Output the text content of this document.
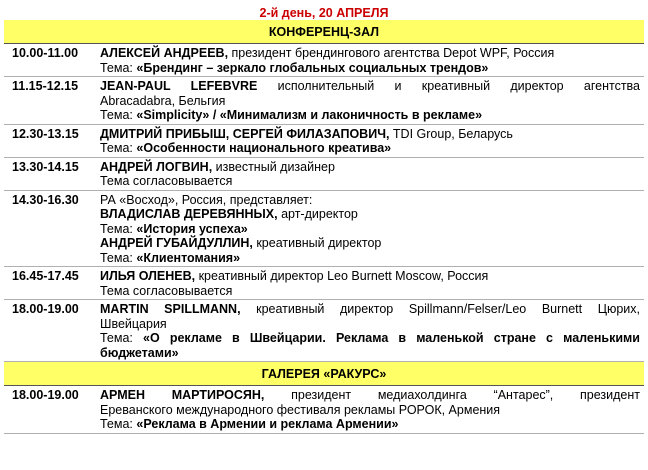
2-й день, 20 АПРЕЛЯ
КОНФЕРЕНЦ-ЗАЛ
10.00-11.00	АЛЕКСЕЙ АНДРЕЕВ, президент брендингового агентства Depot WPF, Россия
Тема: «Брендинг – зеркало глобальных социальных трендов»
11.15-12.15	JEAN-PAUL LEFEBVRE исполнительный и креативный директор агентства
Abracadabra, Бельгия
Тема: «Simplicity» / «Минимализм и лаконичность в рекламе»
12.30-13.15	ДМИТРИЙ ПРИБЫШ, СЕРГЕЙ ФИЛАЗАПОВИЧ, TDI Group, Беларусь
Тема: «Особенности национального креатива»
13.30-14.15	АНДРЕЙ ЛОГВИН, известный дизайнер
Тема согласовывается
14.30-16.30	РА «Восход», Россия, представляет:
ВЛАДИСЛАВ ДЕРЕВЯННЫХ, арт-директор
Тема: «История успеха»
АНДРЕЙ ГУБАЙДУЛЛИН, креативный директор
Тема: «Клиентомания»
16.45-17.45	ИЛЬЯ ОЛЕНЕВ, креативный директор Leo Burnett Moscow, Россия
Тема согласовывается
18.00-19.00	MARTIN SPILLMANN, креативный директор Spillmann/Felser/Leo Burnett Цюрих,
Швейцария
Тема: «О рекламе в Швейцарии. Реклама в маленькой стране с маленькими
бюджетами»
ГАЛЕРЕЯ «РАКУРС»
18.00-19.00	АРМЕН МАРТИРОСЯН, президент медиахолдинга “Антарес”, президент
Ереванского международного фестиваля рекламы РОРОК, Армения
Тема: «Реклама в Армении и реклама Армении»
